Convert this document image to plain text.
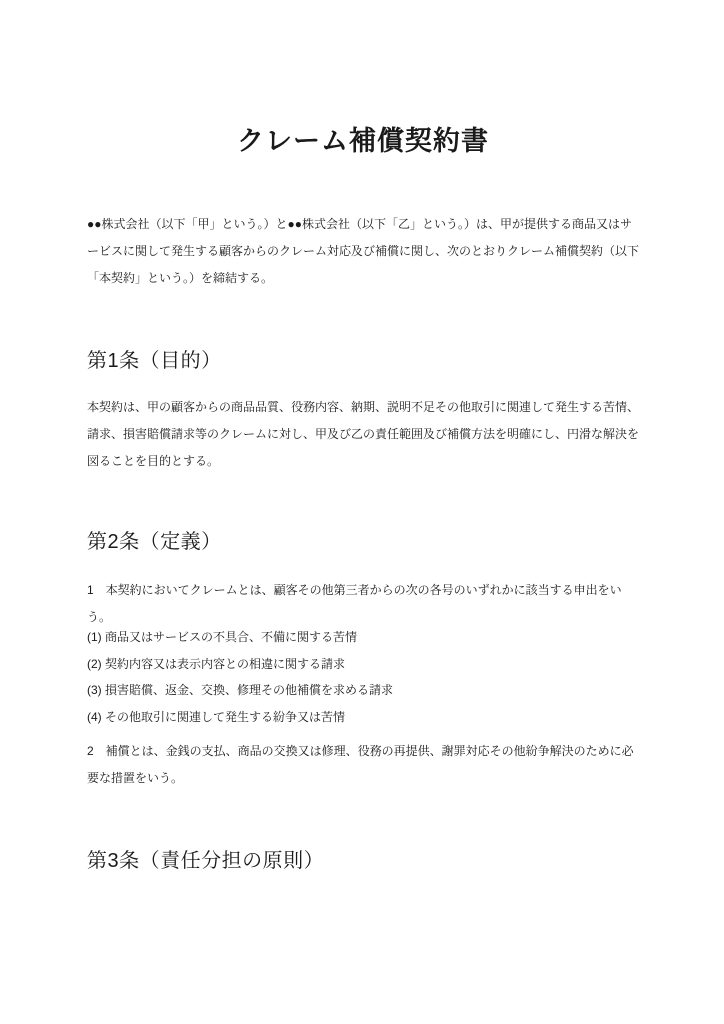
クレーム補償契約書

●●株式会社（以下「甲」という。）と●●株式会社（以下「乙」という。）は、甲が提供する商品又はサービスに関して発生する顧客からのクレーム対応及び補償に関し、次のとおりクレーム補償契約（以下「本契約」という。）を締結する。

第1条（目的）

本契約は、甲の顧客からの商品品質、役務内容、納期、説明不足その他取引に関連して発生する苦情、請求、損害賠償請求等のクレームに対し、甲及び乙の責任範囲及び補償方法を明確にし、円滑な解決を図ることを目的とする。

第2条（定義）

1　本契約においてクレームとは、顧客その他第三者からの次の各号のいずれかに該当する申出をいう。

(1) 商品又はサービスの不具合、不備に関する苦情

(2) 契約内容又は表示内容との相違に関する請求

(3) 損害賠償、返金、交換、修理その他補償を求める請求

(4) その他取引に関連して発生する紛争又は苦情

2　補償とは、金銭の支払、商品の交換又は修理、役務の再提供、謝罪対応その他紛争解決のために必要な措置をいう。

第3条（責任分担の原則）
